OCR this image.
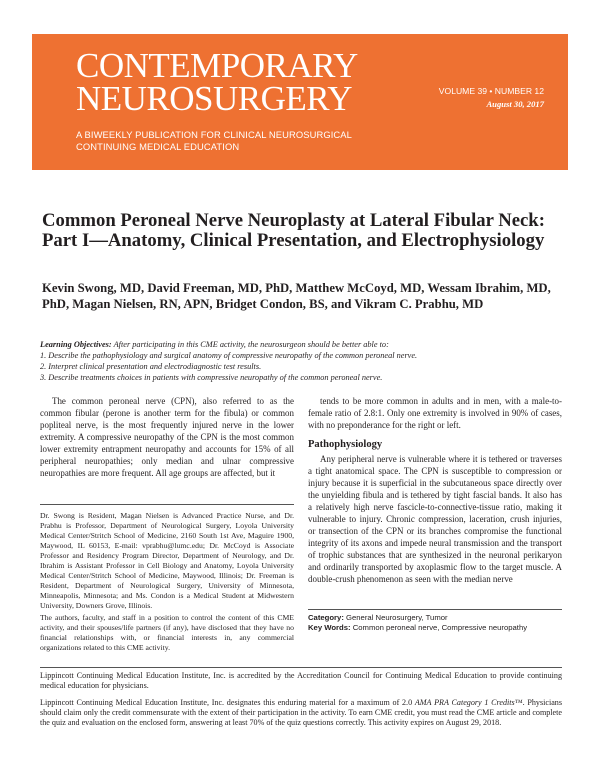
CONTEMPORARY
NEUROSURGERY	VOLUME 39 • NUMBER 12
August 30, 2017
A BIWEEKLY PUBLICATION FOR CLINICAL NEUROSURGICAL
CONTINUING MEDICAL EDUCATION
Common Peroneal Nerve Neuroplasty at Lateral Fibular Neck: Part I—Anatomy, Clinical Presentation, and Electrophysiology
Kevin Swong, MD, David Freeman, MD, PhD, Matthew McCoyd, MD, Wessam Ibrahim, MD, PhD, Magan Nielsen, RN, APN, Bridget Condon, BS, and Vikram C. Prabhu, MD
Learning Objectives: After participating in this CME activity, the neurosurgeon should be better able to:
1. Describe the pathophysiology and surgical anatomy of compressive neuropathy of the common peroneal nerve.
2. Interpret clinical presentation and electrodiagnostic test results.
3. Describe treatments choices in patients with compressive neuropathy of the common peroneal nerve.

The common peroneal nerve (CPN), also referred to as the common fibular (perone is another term for the fibula) or common popliteal nerve, is the most frequently injured nerve in the lower extremity. A compressive neuropathy of the CPN is the most common lower extremity entrapment neuropathy and accounts for 15% of all peripheral neuropathies; only median and ulnar compressive neuropathies are more frequent. All age groups are affected, but it

tends to be more common in adults and in men, with a male-to-female ratio of 2.8:1. Only one extremity is involved in 90% of cases, with no preponderance for the right or left.

Pathophysiology

Any peripheral nerve is vulnerable where it is tethered or traverses a tight anatomical space. The CPN is susceptible to compression or injury because it is superficial in the subcutaneous space directly over the unyielding fibula and is tethered by tight fascial bands. It also has a relatively high nerve fascicle-to-connective-tissue ratio, making it vulnerable to injury. Chronic compression, laceration, crush injuries, or transection of the CPN or its branches compromise the functional integrity of its axons and impede neural transmission and the transport of trophic substances that are synthesized in the neuronal perikaryon and ordinarily transported by axoplasmic flow to the target muscle. A double-crush phenomenon as seen with the median nerve

Dr. Swong is Resident, Magan Nielsen is Advanced Practice Nurse, and Dr. Prabhu is Professor, Department of Neurological Surgery, Loyola University Medical Center/Stritch School of Medicine, 2160 South 1st Ave, Maguire 1900, Maywood, IL 60153, E-mail: vprabhu@lumc.edu; Dr. McCoyd is Associate Professor and Residency Program Director, Department of Neurology, and Dr. Ibrahim is Assistant Professor in Cell Biology and Anatomy, Loyola University Medical Center/Stritch School of Medicine, Maywood, Illinois; Dr. Freeman is Resident, Department of Neurological Surgery, University of Minnesota, Minneapolis, Minnesota; and Ms. Condon is a Medical Student at Midwestern University, Downers Grove, Illinois.
The authors, faculty, and staff in a position to control the content of this CME activity, and their spouses/life partners (if any), have disclosed that they have no financial relationships with, or financial interests in, any commercial organizations related to this CME activity.
Category: General Neurosurgery, Tumor
Key Words: Common peroneal nerve, Compressive neuropathy
Lippincott Continuing Medical Education Institute, Inc. is accredited by the Accreditation Council for Continuing Medical Education to provide continuing medical education for physicians.
Lippincott Continuing Medical Education Institute, Inc. designates this enduring material for a maximum of 2.0 AMA PRA Category 1 Credits™. Physicians should claim only the credit commensurate with the extent of their participation in the activity. To earn CME credit, you must read the CME article and complete the quiz and evaluation on the enclosed form, answering at least 70% of the quiz questions correctly. This activity expires on August 29, 2018.
